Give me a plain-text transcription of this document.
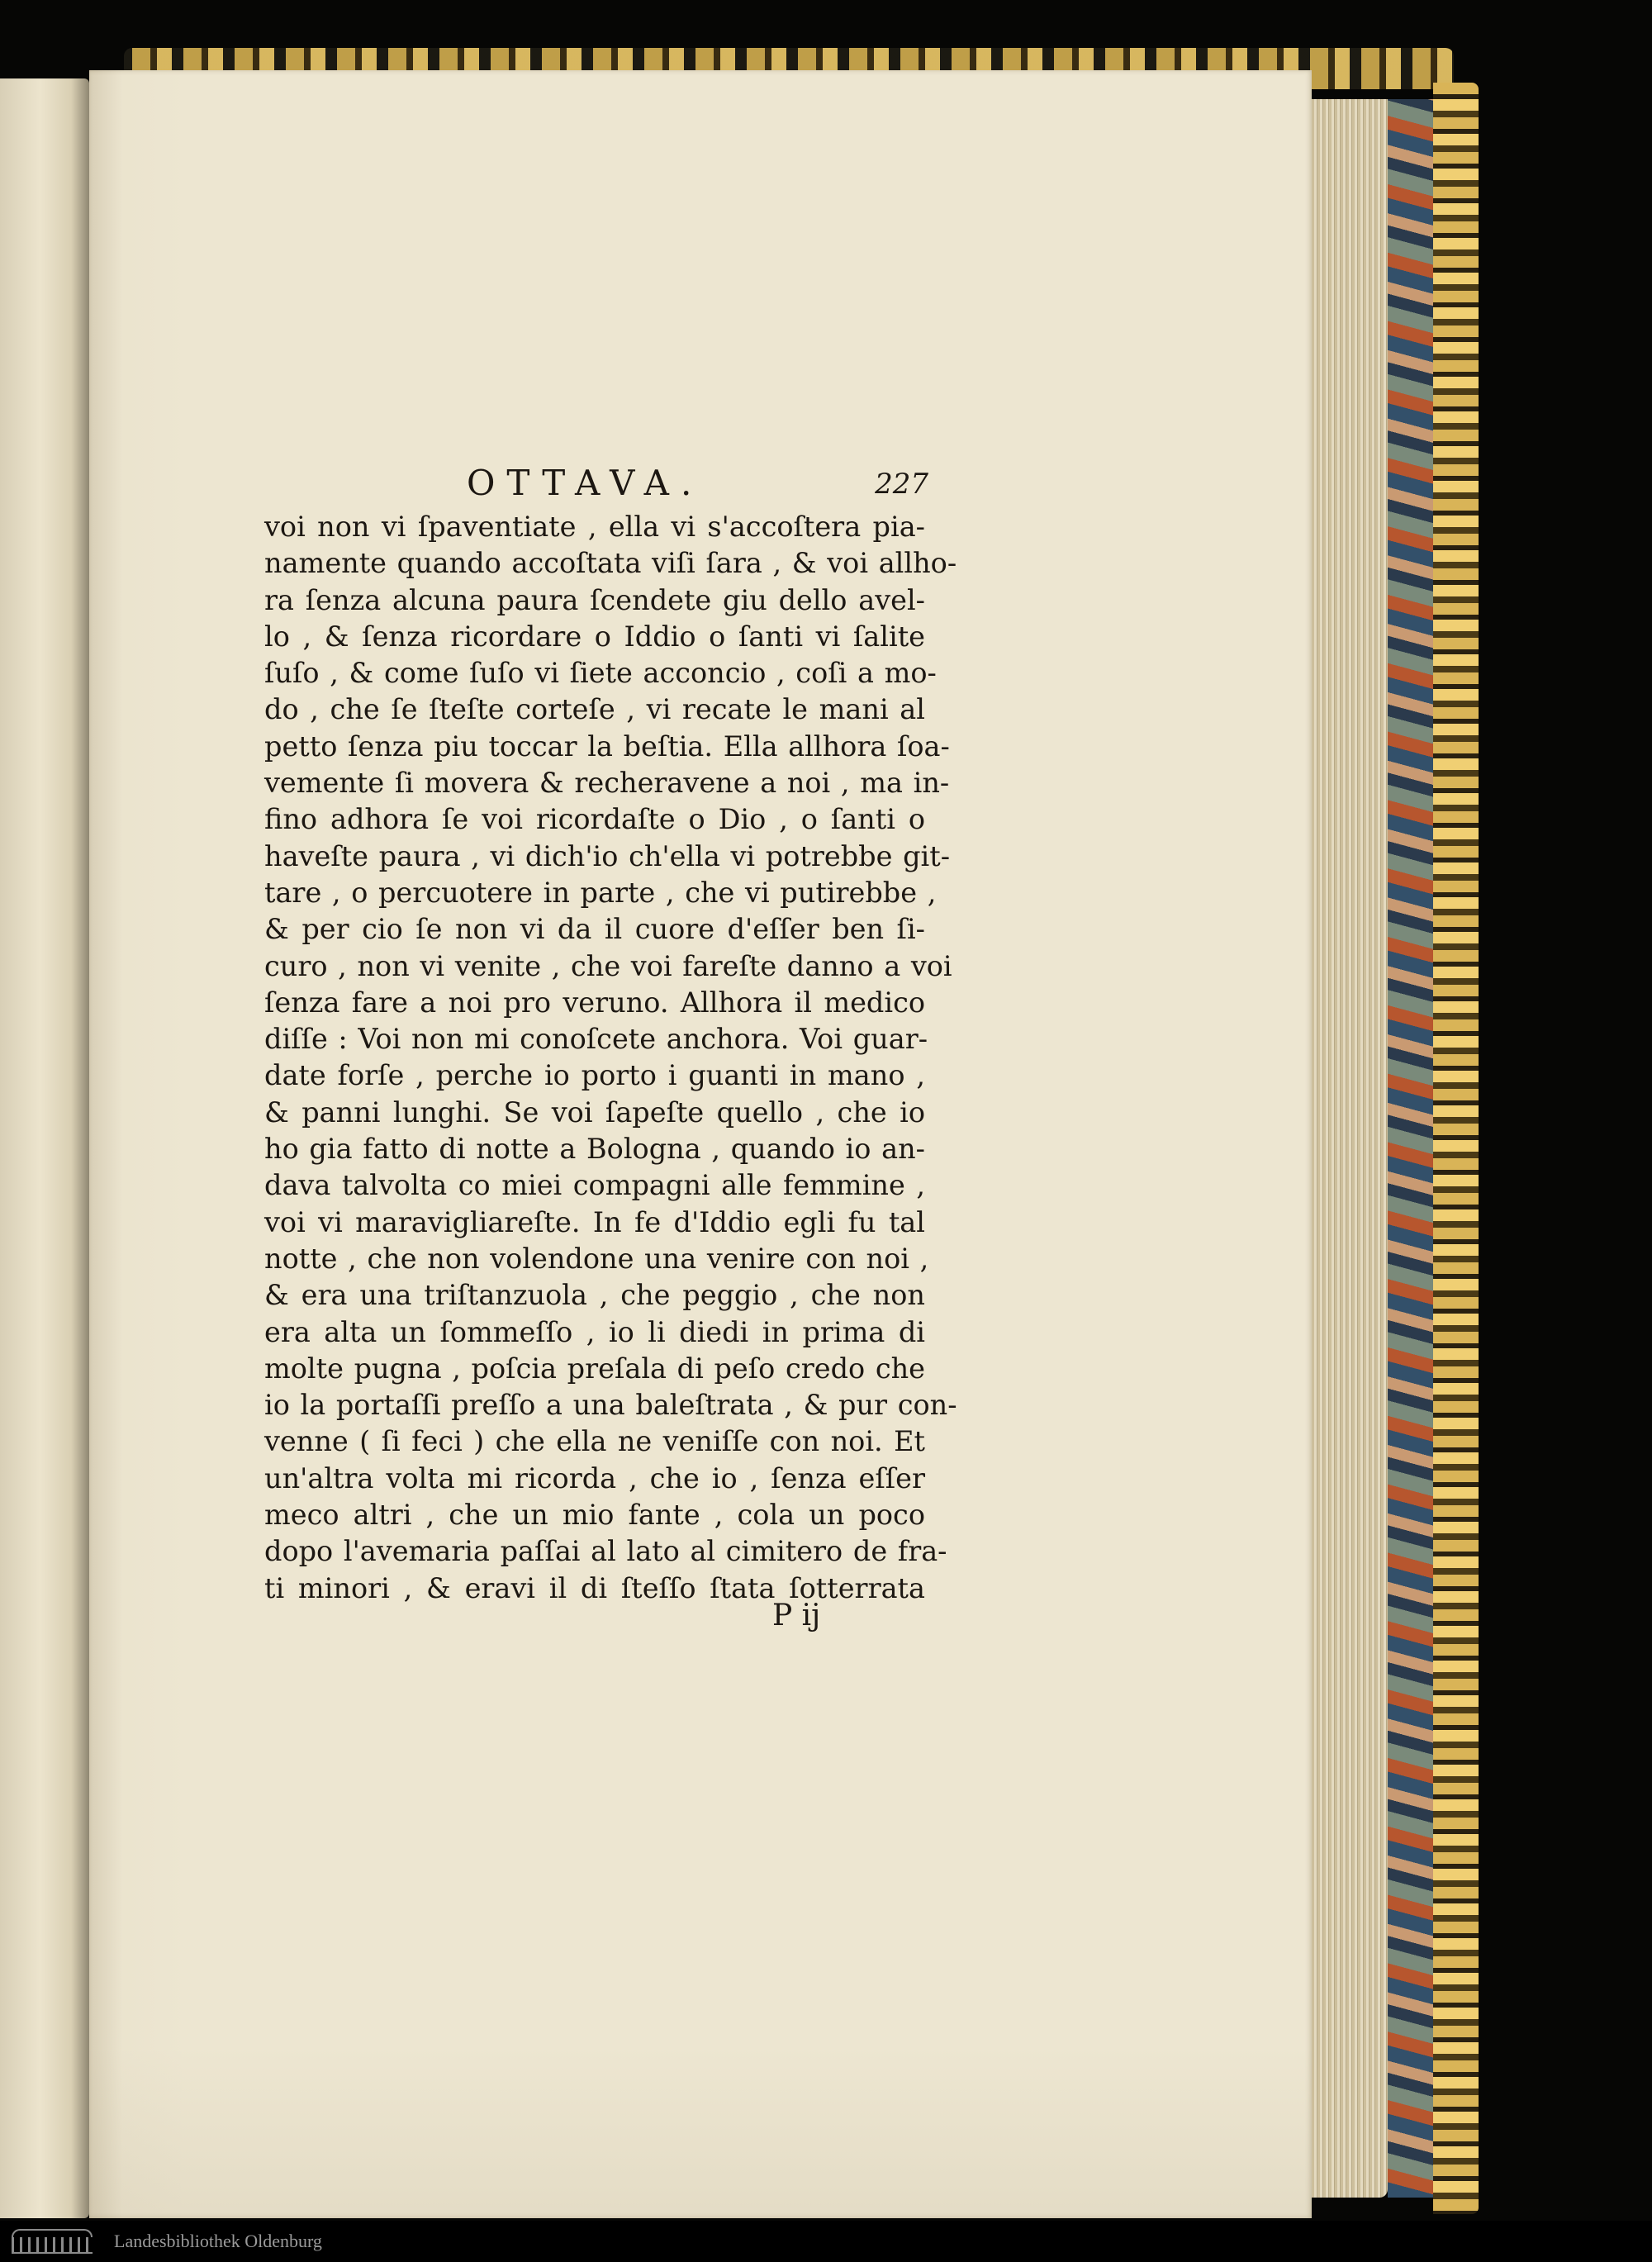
OTTAVA.	227
voi non vi ſpaventiate , ella vi s'accoſtera pia-
namente quando accoſtata viſi ſara , & voi allho-
ra ſenza alcuna paura ſcendete giu dello avel-
lo , & ſenza ricordare o Iddio o ſanti vi ſalite
ſuſo , & come ſuſo vi ſiete acconcio , coſi a mo-
do , che ſe ſteſte corteſe , vi recate le mani al
petto ſenza piu toccar la beſtia. Ella allhora ſoa-
vemente ſi movera & recheravene a noi , ma in-
fino adhora ſe voi ricordaſte o Dio , o ſanti o
haveſte paura , vi dich'io ch'ella vi potrebbe git-
tare , o percuotere in parte , che vi putirebbe ,
& per cio ſe non vi da il cuore d'eſſer ben ſi-
curo , non vi venite , che voi fareſte danno a voi
ſenza fare a noi pro veruno. Allhora il medico
diſſe : Voi non mi conoſcete anchora. Voi guar-
date forſe , perche io porto i guanti in mano ,
& panni lunghi. Se voi ſapeſte quello , che io
ho gia fatto di notte a Bologna , quando io an-
dava talvolta co miei compagni alle femmine ,
voi vi maravigliareſte. In fe d'Iddio egli fu tal
notte , che non volendone una venire con noi ,
& era una triſtanzuola , che peggio , che non
era alta un ſommeſſo , io li diedi in prima di
molte pugna , poſcia preſala di peſo credo che
io la portaſſi preſſo a una baleſtrata , & pur con-
venne ( ſi feci ) che ella ne veniſſe con noi. Et
un'altra volta mi ricorda , che io , ſenza eſſer
meco altri , che un mio fante , cola un poco
dopo l'avemaria paſſai al lato al cimitero de fra-
ti minori , & eravi il di ſteſſo ſtata ſotterrata
P ij
Landesbibliothek Oldenburg
